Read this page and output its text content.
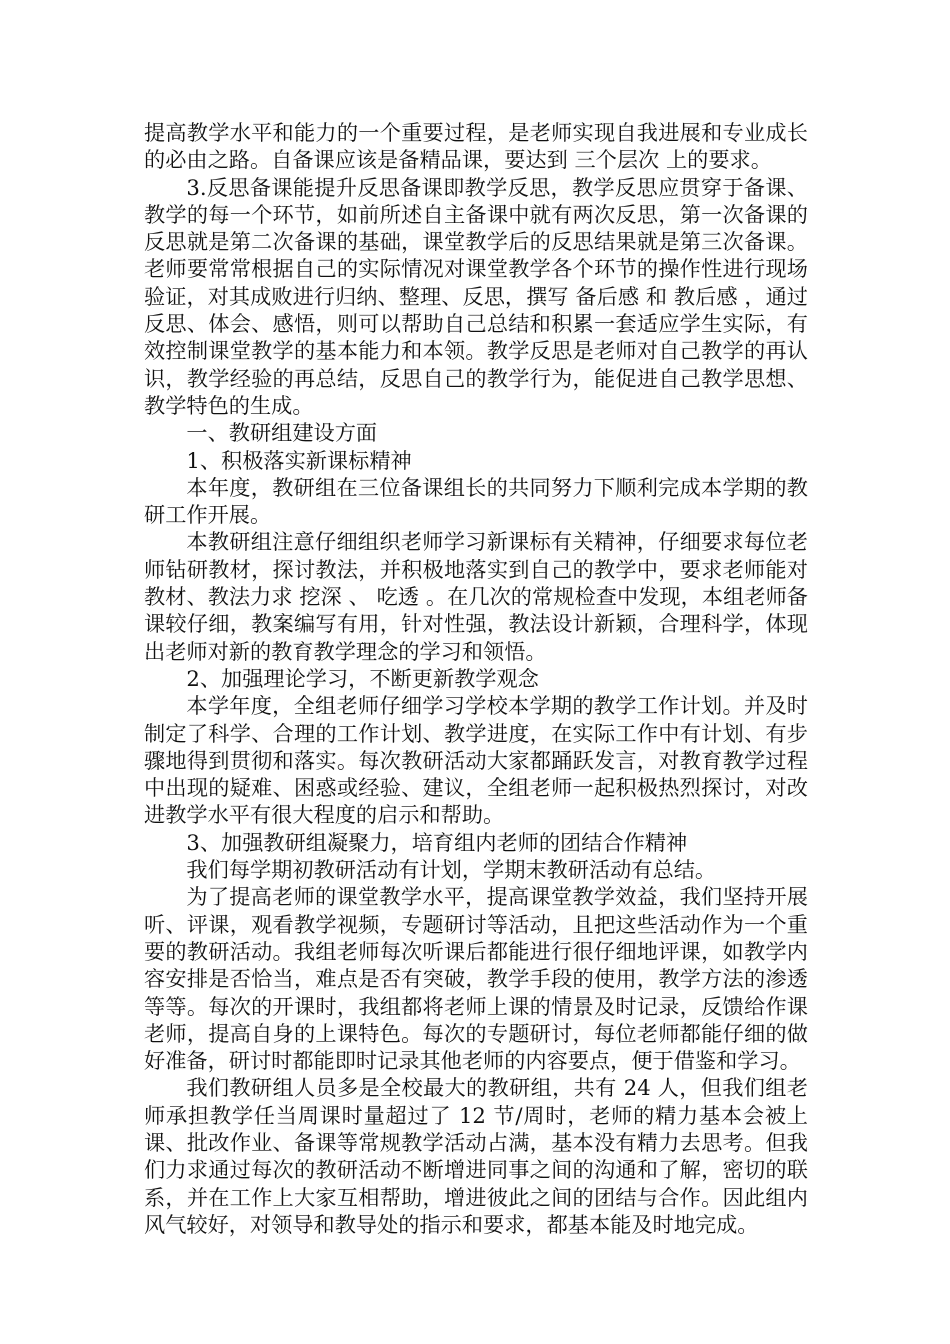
提高教学水平和能力的一个重要过程，是老师实现自我进展和专业成长的必由之路。自备课应该是备精品课，要达到 三个层次 上的要求。

3.反思备课能提升反思备课即教学反思，教学反思应贯穿于备课、教学的每一个环节，如前所述自主备课中就有两次反思，第一次备课的反思就是第二次备课的基础，课堂教学后的反思结果就是第三次备课。老师要常常根据自己的实际情况对课堂教学各个环节的操作性进行现场验证，对其成败进行归纳、整理、反思，撰写 备后感 和 教后感 ，通过反思、体会、感悟，则可以帮助自己总结和积累一套适应学生实际，有效控制课堂教学的基本能力和本领。教学反思是老师对自己教学的再认识，教学经验的再总结，反思自己的教学行为，能促进自己教学思想、教学特色的生成。

一、教研组建设方面

1、积极落实新课标精神

本年度，教研组在三位备课组长的共同努力下顺利完成本学期的教研工作开展。

本教研组注意仔细组织老师学习新课标有关精神，仔细要求每位老师钻研教材，探讨教法，并积极地落实到自己的教学中，要求老师能对教材、教法力求 挖深 、 吃透 。在几次的常规检查中发现，本组老师备课较仔细，教案编写有用，针对性强，教法设计新颖，合理科学，体现出老师对新的教育教学理念的学习和领悟。

2、加强理论学习，不断更新教学观念

本学年度，全组老师仔细学习学校本学期的教学工作计划。并及时制定了科学、合理的工作计划、教学进度，在实际工作中有计划、有步骤地得到贯彻和落实。每次教研活动大家都踊跃发言，对教育教学过程中出现的疑难、困惑或经验、建议，全组老师一起积极热烈探讨，对改进教学水平有很大程度的启示和帮助。

3、加强教研组凝聚力，培育组内老师的团结合作精神

我们每学期初教研活动有计划，学期末教研活动有总结。

为了提高老师的课堂教学水平，提高课堂教学效益，我们坚持开展听、评课，观看教学视频，专题研讨等活动，且把这些活动作为一个重要的教研活动。我组老师每次听课后都能进行很仔细地评课，如教学内容安排是否恰当，难点是否有突破，教学手段的使用，教学方法的渗透等等。每次的开课时，我组都将老师上课的情景及时记录，反馈给作课老师，提高自身的上课特色。每次的专题研讨，每位老师都能仔细的做好准备，研讨时都能即时记录其他老师的内容要点，便于借鉴和学习。

我们教研组人员多是全校最大的教研组，共有 24 人，但我们组老师承担教学任当周课时量超过了 12 节/周时，老师的精力基本会被上课、批改作业、备课等常规教学活动占满，基本没有精力去思考。但我们力求通过每次的教研活动不断增进同事之间的沟通和了解，密切的联系，并在工作上大家互相帮助，增进彼此之间的团结与合作。因此组内风气较好，对领导和教导处的指示和要求，都基本能及时地完成。
